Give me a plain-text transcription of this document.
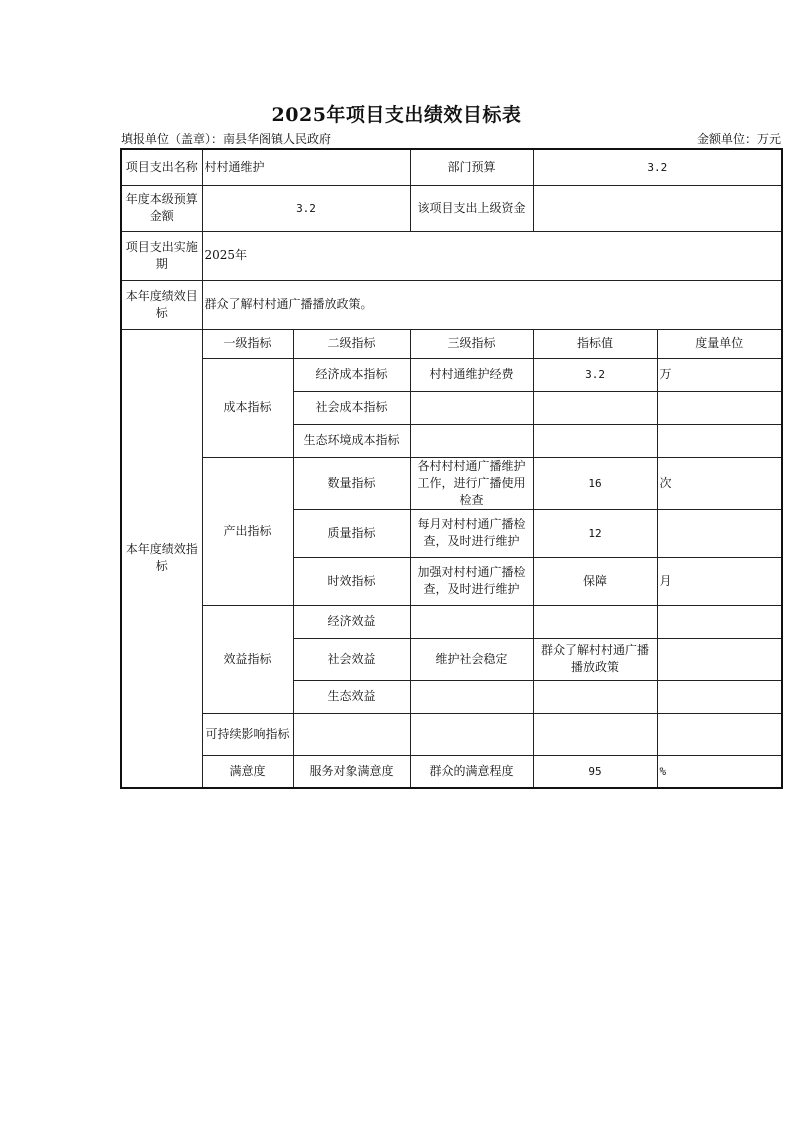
2025年项目支出绩效目标表
填报单位（盖章）：南县华阁镇人民政府	金额单位：万元
项目支出名称	村村通维护		部门预算	3.2	
年度本级预算金额	3.2		该项目支出上级资金		
项目支出实施期	2025年				
本年度绩效目标	群众了解村村通广播播放政策。				
本年度绩效指标	一级指标	二级指标	三级指标	指标值	度量单位
	成本指标	经济成本指标	村村通维护经费	3.2	万
		社会成本指标			
		生态环境成本指标			
	产出指标	数量指标	各村村村通广播维护工作，进行广播使用检查	16	次
		质量指标	每月对村村通广播检查，及时进行维护	12	
		时效指标	加强对村村通广播检查，及时进行维护	保障	月
	效益指标	经济效益			
		社会效益	维护社会稳定	群众了解村村通广播播放政策	
		生态效益			
	可持续影响指标				
	满意度	服务对象满意度	群众的满意程度	95	%
